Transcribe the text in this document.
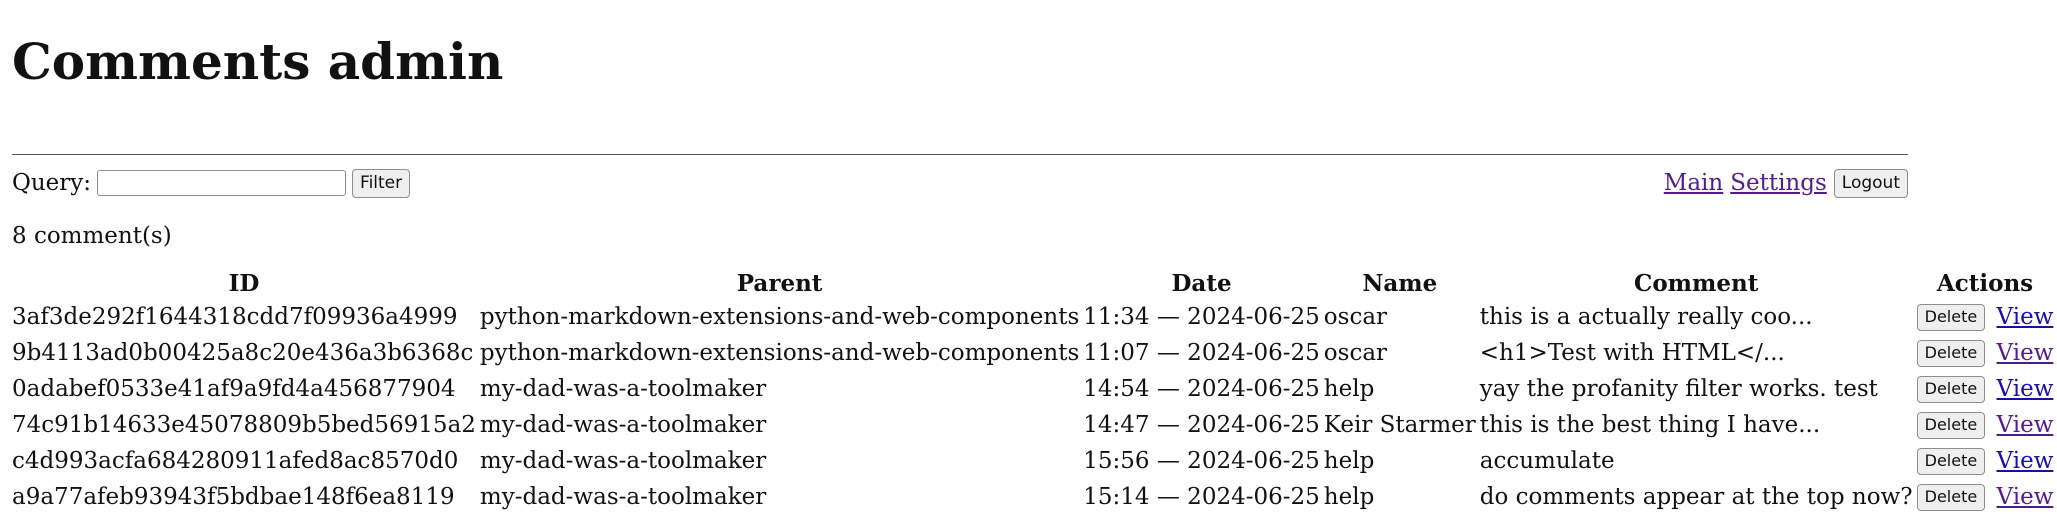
Comments admin
Query:	Filter	Main Settings Logout
8 comment(s)
ID	Parent	Date	Name	Comment	Actions
3af3de292f1644318cdd7f09936a4999	python-markdown-extensions-and-web-components	11:34 — 2024-06-25	oscar	this is a actually really coo...	Delete View
9b4113ad0b00425a8c20e436a3b6368c	python-markdown-extensions-and-web-components	11:07 — 2024-06-25	oscar	<h1>Test with HTML</...	Delete View
0adabef0533e41af9a9fd4a456877904	my-dad-was-a-toolmaker	14:54 — 2024-06-25	help	yay the profanity filter works. test	Delete View
74c91b14633e45078809b5bed56915a2	my-dad-was-a-toolmaker	14:47 — 2024-06-25	Keir Starmer	this is the best thing I have...	Delete View
c4d993acfa684280911afed8ac8570d0	my-dad-was-a-toolmaker	15:56 — 2024-06-25	help	accumulate	Delete View
a9a77afeb93943f5bdbae148f6ea8119	my-dad-was-a-toolmaker	15:14 — 2024-06-25	help	do comments appear at the top now?	Delete View
